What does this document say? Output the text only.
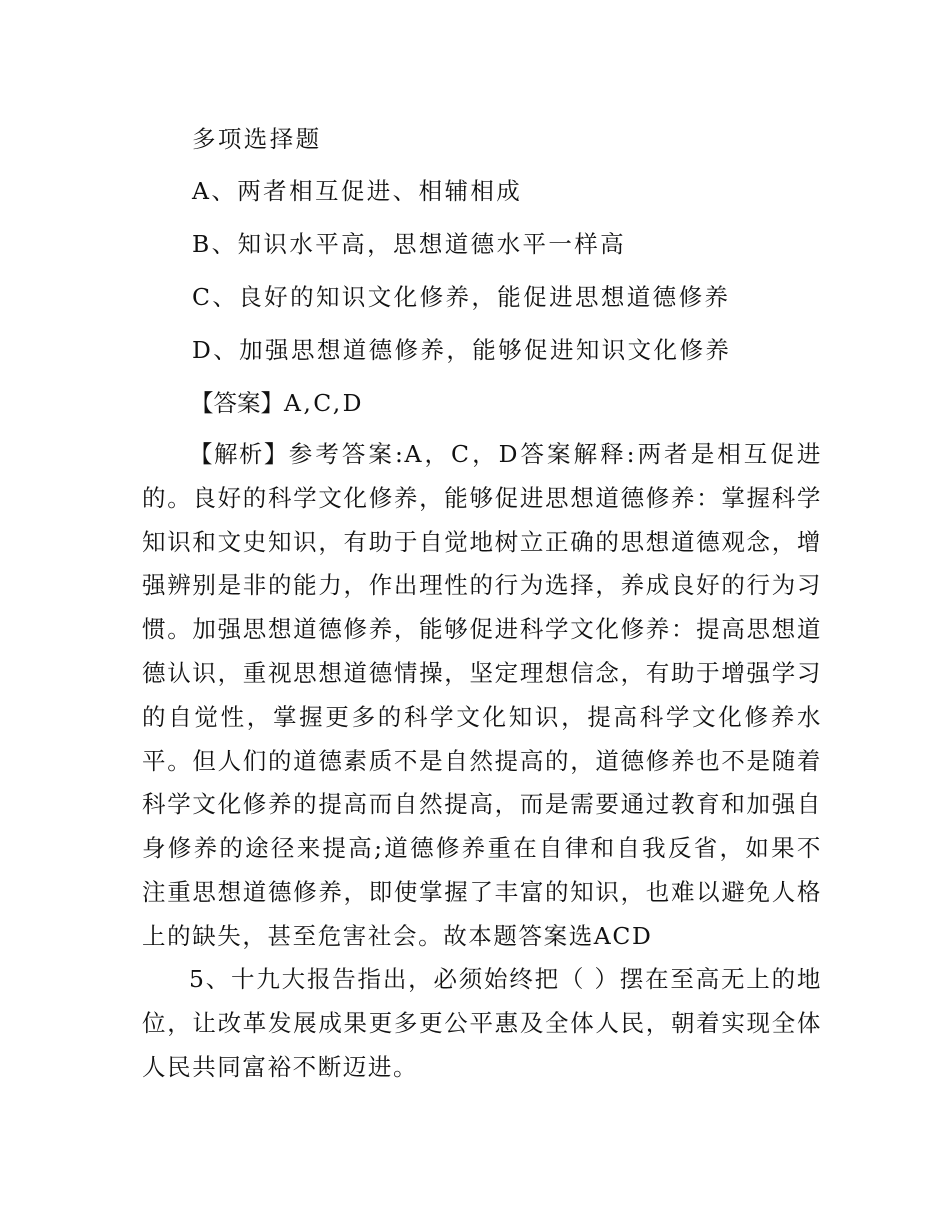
多项选择题
A、两者相互促进、相辅相成
B、知识水平高，思想道德水平一样高
C、良好的知识文化修养，能促进思想道德修养
D、加强思想道德修养，能够促进知识文化修养
【答案】A,C,D

【解析】参考答案:A，C，D答案解释:两者是相互促进的。良好的科学文化修养，能够促进思想道德修养：掌握科学知识和文史知识，有助于自觉地树立正确的思想道德观念，增强辨别是非的能力，作出理性的行为选择，养成良好的行为习惯。加强思想道德修养，能够促进科学文化修养：提高思想道德认识，重视思想道德情操，坚定理想信念，有助于增强学习的自觉性，掌握更多的科学文化知识，提高科学文化修养水平。但人们的道德素质不是自然提高的，道德修养也不是随着科学文化修养的提高而自然提高，而是需要通过教育和加强自身修养的途径来提高;道德修养重在自律和自我反省，如果不注重思想道德修养，即使掌握了丰富的知识，也难以避免人格上的缺失，甚至危害社会。故本题答案选ACD

5、十九大报告指出，必须始终把（ ）摆在至高无上的地位，让改革发展成果更多更公平惠及全体人民，朝着实现全体人民共同富裕不断迈进。
